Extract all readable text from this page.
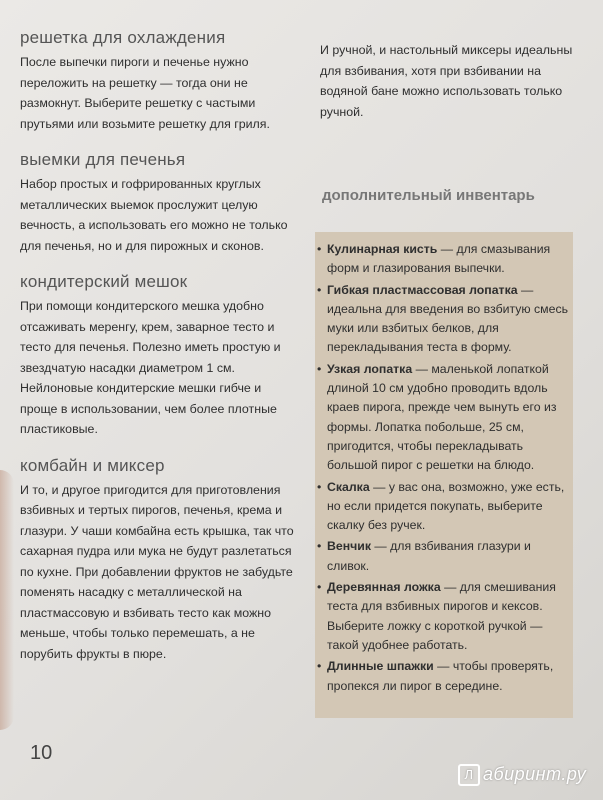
решетка для охлаждения

После выпечки пироги и печенье нужно переложить на решетку — тогда они не размокнут. Выберите решетку с частыми прутьями или возьмите решетку для гриля.

выемки для печенья

Набор простых и гофрированных круглых металлических выемок прослужит целую вечность, а использовать его можно не только для печенья, но и для пирожных и сконов.

кондитерский мешок

При помощи кондитерского мешка удобно отсаживать меренгу, крем, заварное тесто и тесто для печенья. Полезно иметь простую и звездчатую насадки диаметром 1 см. Нейлоновые кондитерские мешки гибче и проще в использовании, чем более плотные пластиковые.

комбайн и миксер

И то, и другое пригодится для приготовления взбивных и тертых пирогов, печенья, крема и глазури. У чаши комбайна есть крышка, так что сахарная пудра или мука не будут разлетаться по кухне. При добавлении фруктов не забудьте поменять насадку с металлической на пластмассовую и взбивать тесто как можно меньше, чтобы только перемешать, а не порубить фрукты в пюре.

И ручной, и настольный миксеры идеальны для взбивания, хотя при взбивании на водяной бане можно использовать только ручной.

дополнительный инвентарь
• Кулинарная кисть — для смазывания форм и глазирования выпечки.
• Гибкая пластмассовая лопатка — идеальна для введения во взбитую смесь муки или взбитых белков, для перекладывания теста в форму.
• Узкая лопатка — маленькой лопаткой длиной 10 см удобно проводить вдоль краев пирога, прежде чем вынуть его из формы. Лопатка побольше, 25 см, пригодится, чтобы перекладывать большой пирог с решетки на блюдо.
• Скалка — у вас она, возможно, уже есть, но если придется покупать, выберите скалку без ручек.
• Венчик — для взбивания глазури и сливок.
• Деревянная ложка — для смешивания теста для взбивных пирогов и кексов. Выберите ложку с короткой ручкой — такой удобнее работать.
• Длинные шпажки — чтобы проверять, пропекся ли пирог в середине.
10
Л абиринт.ру
